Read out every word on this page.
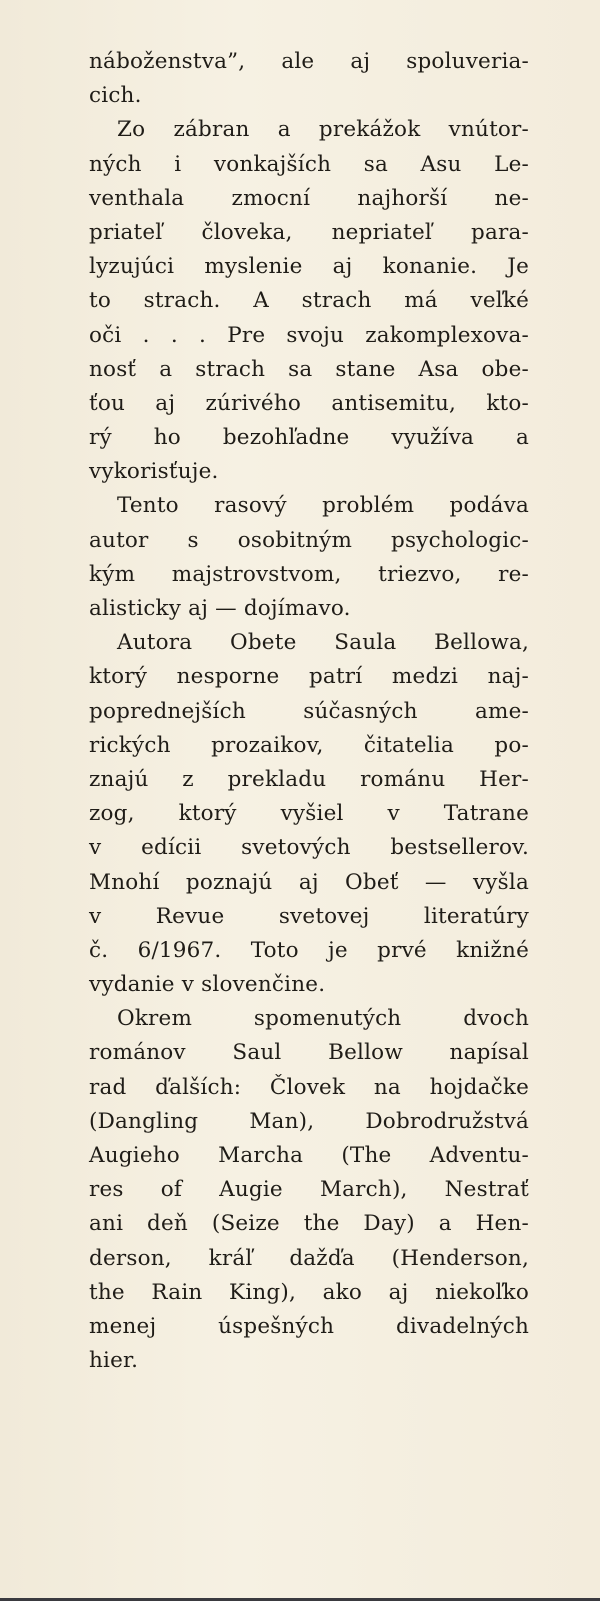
náboženstva”, ale aj spoluveria-
cich.
Zo zábran a prekážok vnútor-
ných i vonkajších sa Asu Le-
venthala zmocní najhorší ne-
priateľ človeka, nepriateľ para-
lyzujúci myslenie aj konanie. Je
to strach. A strach má veľké
oči . . . Pre svoju zakomplexova-
nosť a strach sa stane Asa obe-
ťou aj zúrivého antisemitu, kto-
rý ho bezohľadne využíva a
vykorisťuje.
Tento rasový problém podáva
autor s osobitným psychologic-
kým majstrovstvom, triezvo, re-
alisticky aj — dojímavo.
Autora Obete Saula Bellowa,
ktorý nesporne patrí medzi naj-
poprednejších súčasných ame-
rických prozaikov, čitatelia po-
znajú z prekladu románu Her-
zog, ktorý vyšiel v Tatrane
v edícii svetových bestsellerov.
Mnohí poznajú aj Obeť — vyšla
v Revue svetovej literatúry
č. 6/1967. Toto je prvé knižné
vydanie v slovenčine.
Okrem spomenutých dvoch
románov Saul Bellow napísal
rad ďalších: Človek na hojdačke
(Dangling Man), Dobrodružstvá
Augieho Marcha (The Adventu-
res of Augie March), Nestrať
ani deň (Seize the Day) a Hen-
derson, kráľ dažďa (Henderson,
the Rain King), ako aj niekoľko
menej úspešných divadelných
hier.
